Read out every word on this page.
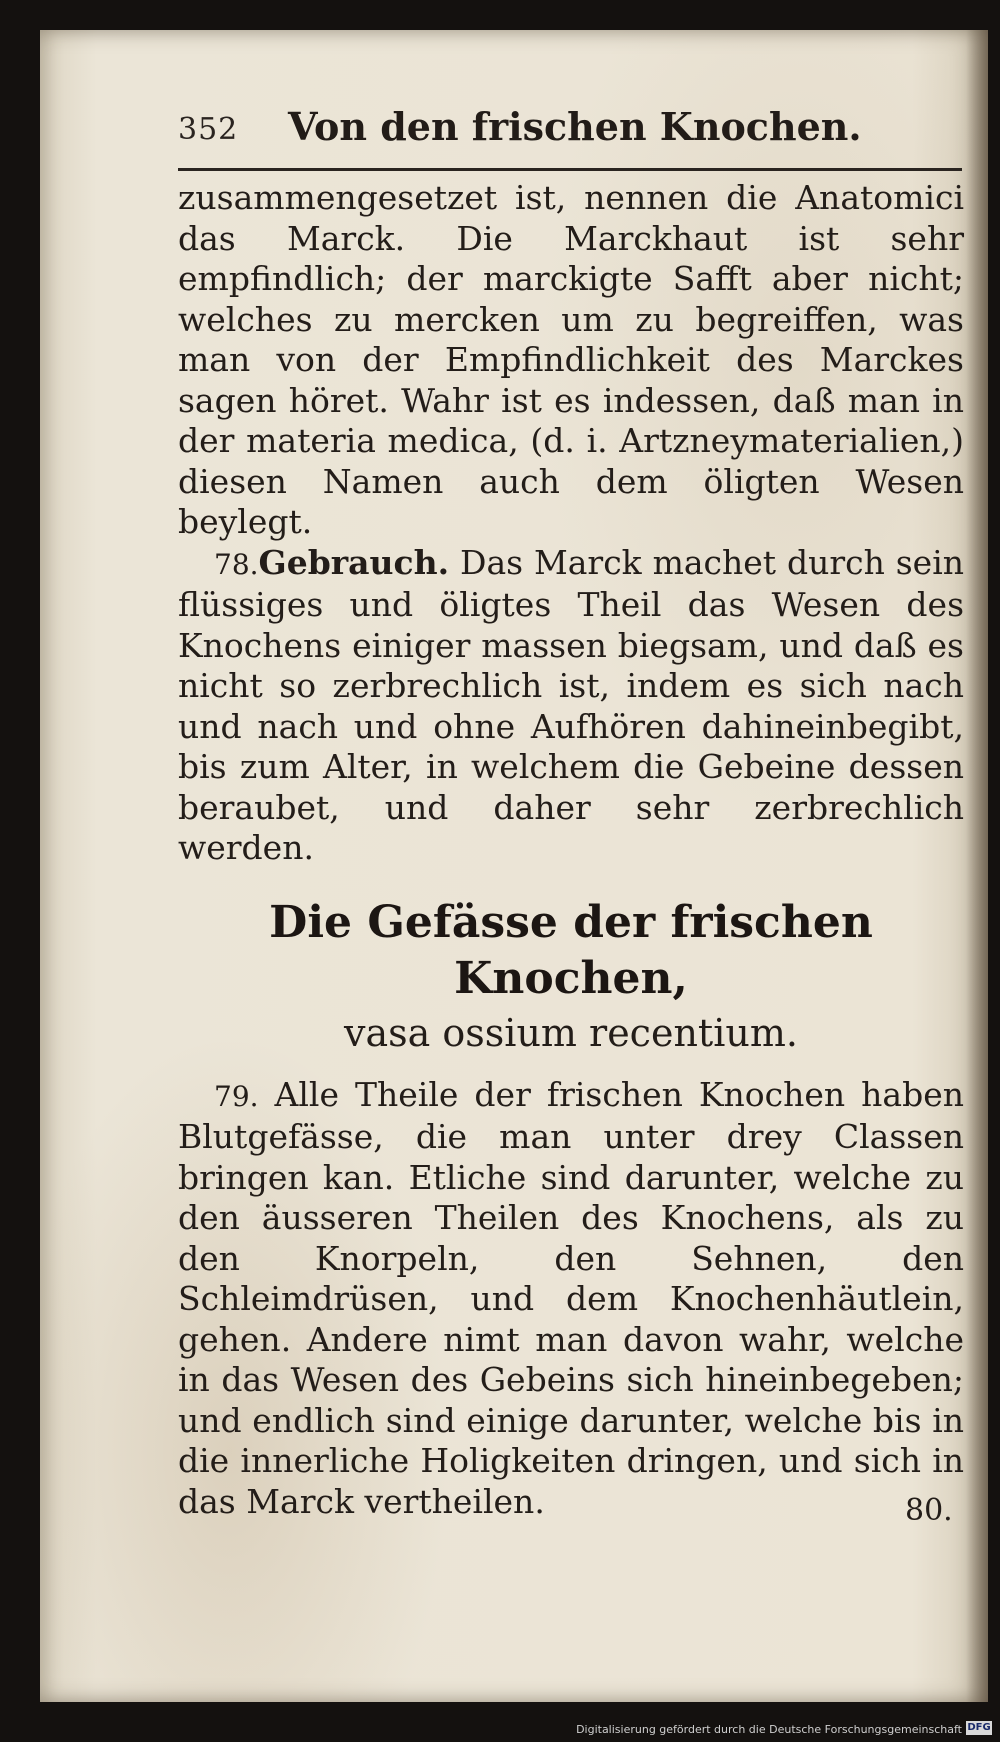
352 Von den frischen Knochen.

zusammengesetzet ist, nennen die Anatomici das Marck. Die Marckhaut ist sehr empfindlich; der marckigte Safft aber nicht; welches zu mercken um zu begreiffen, was man von der Empfindlichkeit des Marckes sagen höret. Wahr ist es indessen, daß man in der materia medica, (d. i. Artzneymaterialien,) diesen Namen auch dem öligten Wesen beylegt.

78.Gebrauch. Das Marck machet durch sein flüssiges und öligtes Theil das Wesen des Knochens einiger massen biegsam, und daß es nicht so zerbrechlich ist, indem es sich nach und nach und ohne Aufhören dahineinbegibt, bis zum Alter, in welchem die Gebeine dessen beraubet, und daher sehr zerbrechlich werden.

Die Gefässe der frischen Knochen,
vasa ossium recentium.

79. Alle Theile der frischen Knochen haben Blutgefässe, die man unter drey Classen bringen kan. Etliche sind darunter, welche zu den äusseren Theilen des Knochens, als zu den Knorpeln, den Sehnen, den Schleimdrüsen, und dem Knochenhäutlein, gehen. Andere nimt man davon wahr, welche in das Wesen des Gebeins sich hineinbegeben; und endlich sind einige darunter, welche bis in die innerliche Holigkeiten dringen, und sich in das Marck vertheilen.	80.
Digitalisierung gefördert durch die Deutsche Forschungsgemeinschaft DFG
